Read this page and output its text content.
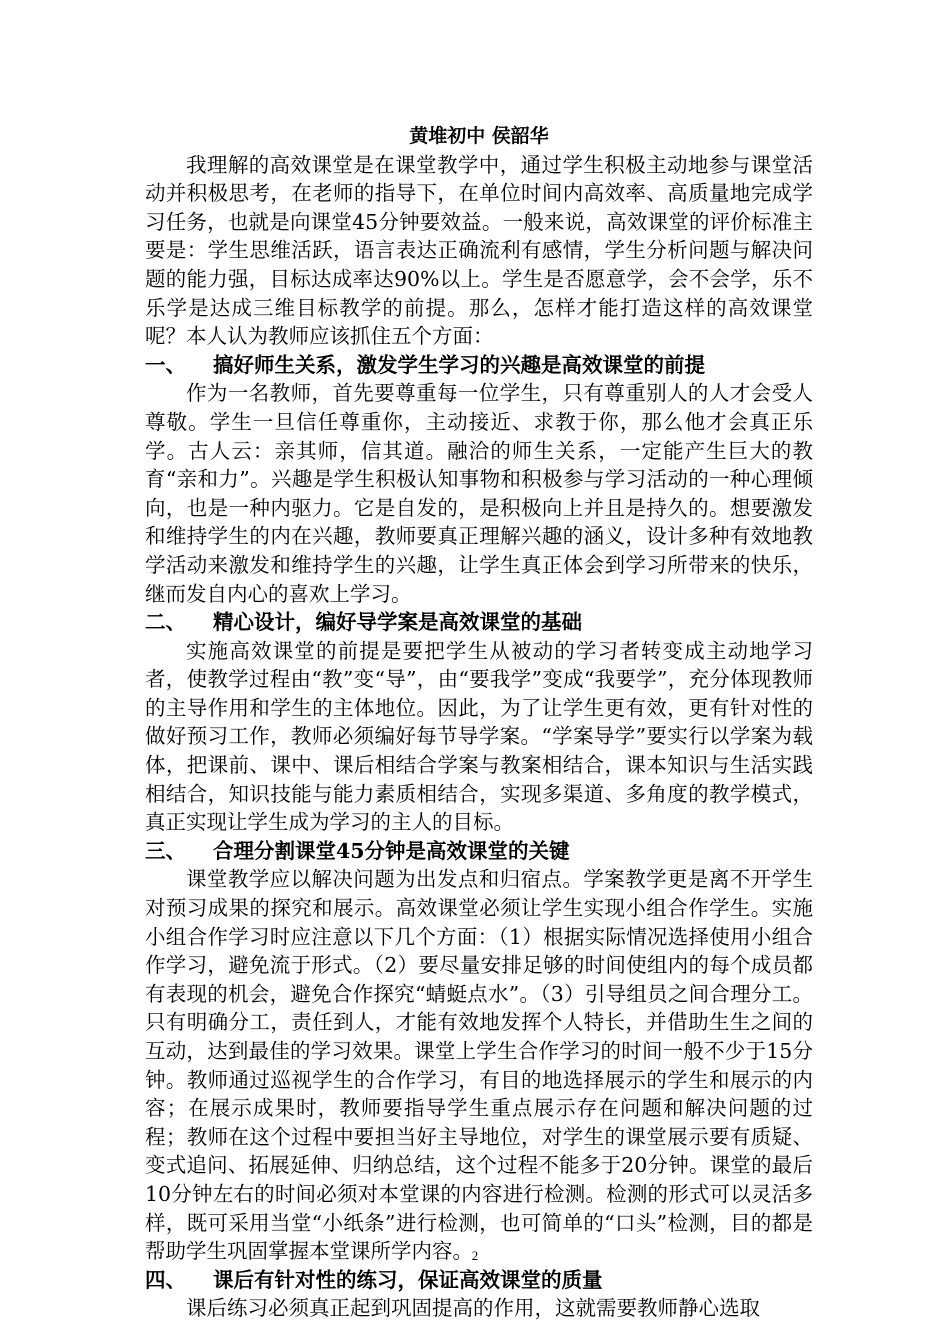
黄堆初中 侯韶华

我理解的高效课堂是在课堂教学中，通过学生积极主动地参与课堂活动并积极思考，在老师的指导下，在单位时间内高效率、高质量地完成学习任务，也就是向课堂45分钟要效益。一般来说，高效课堂的评价标准主要是：学生思维活跃，语言表达正确流利有感情，学生分析问题与解决问题的能力强，目标达成率达90%以上。学生是否愿意学，会不会学，乐不乐学是达成三维目标教学的前提。那么，怎样才能打造这样的高效课堂呢？本人认为教师应该抓住五个方面：

一、 搞好师生关系，激发学生学习的兴趣是高效课堂的前提

作为一名教师，首先要尊重每一位学生，只有尊重别人的人才会受人尊敬。学生一旦信任尊重你，主动接近、求教于你，那么他才会真正乐学。古人云：亲其师，信其道。融洽的师生关系，一定能产生巨大的教育“亲和力”。兴趣是学生积极认知事物和积极参与学习活动的一种心理倾向，也是一种内驱力。它是自发的，是积极向上并且是持久的。想要激发和维持学生的内在兴趣，教师要真正理解兴趣的涵义，设计多种有效地教学活动来激发和维持学生的兴趣，让学生真正体会到学习所带来的快乐，继而发自内心的喜欢上学习。

二、 精心设计，编好导学案是高效课堂的基础

实施高效课堂的前提是要把学生从被动的学习者转变成主动地学习者，使教学过程由“教”变“导”，由“要我学”变成“我要学”，充分体现教师的主导作用和学生的主体地位。因此，为了让学生更有效，更有针对性的做好预习工作，教师必须编好每节导学案。“学案导学”要实行以学案为载体，把课前、课中、课后相结合学案与教案相结合，课本知识与生活实践相结合，知识技能与能力素质相结合，实现多渠道、多角度的教学模式，真正实现让学生成为学习的主人的目标。

三、 合理分割课堂45分钟是高效课堂的关键

课堂教学应以解决问题为出发点和归宿点。学案教学更是离不开学生对预习成果的探究和展示。高效课堂必须让学生实现小组合作学生。实施小组合作学习时应注意以下几个方面：（1）根据实际情况选择使用小组合作学习，避免流于形式。（2）要尽量安排足够的时间使组内的每个成员都有表现的机会，避免合作探究“蜻蜓点水”。（3）引导组员之间合理分工。只有明确分工，责任到人，才能有效地发挥个人特长，并借助生生之间的互动，达到最佳的学习效果。课堂上学生合作学习的时间一般不少于15分钟。教师通过巡视学生的合作学习，有目的地选择展示的学生和展示的内容；在展示成果时，教师要指导学生重点展示存在问题和解决问题的过程；教师在这个过程中要担当好主导地位，对学生的课堂展示要有质疑、变式追问、拓展延伸、归纳总结，这个过程不能多于20分钟。课堂的最后10分钟左右的时间必须对本堂课的内容进行检测。检测的形式可以灵活多样，既可采用当堂“小纸条”进行检测，也可简单的“口头”检测，目的都是帮助学生巩固掌握本堂课所学内容。

四、 课后有针对性的练习，保证高效课堂的质量

课后练习必须真正起到巩固提高的作用，这就需要教师静心选取

2
